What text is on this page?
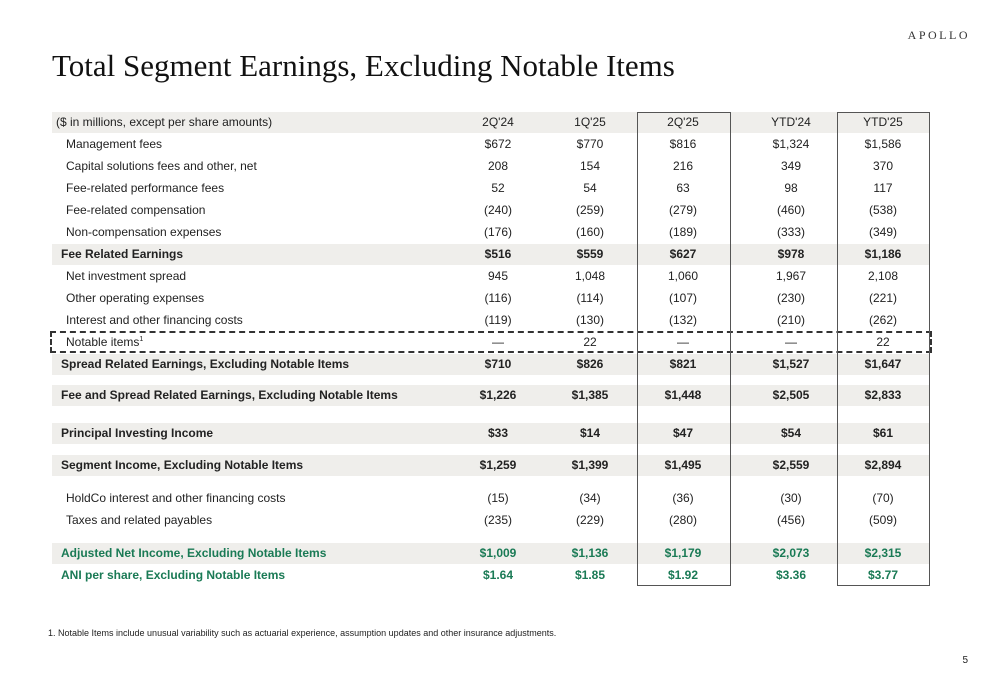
APOLLO
Total Segment Earnings, Excluding Notable Items
($ in millions, except per share amounts)	2Q'24	1Q'25	2Q'25	YTD'24	YTD'25
Management fees	$672	$770	$816	$1,324	$1,586
Capital solutions fees and other, net	208	154	216	349	370
Fee-related performance fees	52	54	63	98	117
Fee-related compensation	(240)	(259)	(279)	(460)	(538)
Non-compensation expenses	(176)	(160)	(189)	(333)	(349)
Fee Related Earnings	$516	$559	$627	$978	$1,186
Net investment spread	945	1,048	1,060	1,967	2,108
Other operating expenses	(116)	(114)	(107)	(230)	(221)
Interest and other financing costs	(119)	(130)	(132)	(210)	(262)
Notable items$^1$	—	22	—	—	22
Spread Related Earnings, Excluding Notable Items	$710	$826	$821	$1,527	$1,647
Fee and Spread Related Earnings, Excluding Notable Items	$1,226	$1,385	$1,448	$2,505	$2,833
Principal Investing Income	$33	$14	$47	$54	$61
Segment Income, Excluding Notable Items	$1,259	$1,399	$1,495	$2,559	$2,894
HoldCo interest and other financing costs	(15)	(34)	(36)	(30)	(70)
Taxes and related payables	(235)	(229)	(280)	(456)	(509)
Adjusted Net Income, Excluding Notable Items	$1,009	$1,136	$1,179	$2,073	$2,315
ANI per share, Excluding Notable Items	$1.64	$1.85	$1.92	$3.36	$3.77
1. Notable Items include unusual variability such as actuarial experience, assumption updates and other insurance adjustments.
5
